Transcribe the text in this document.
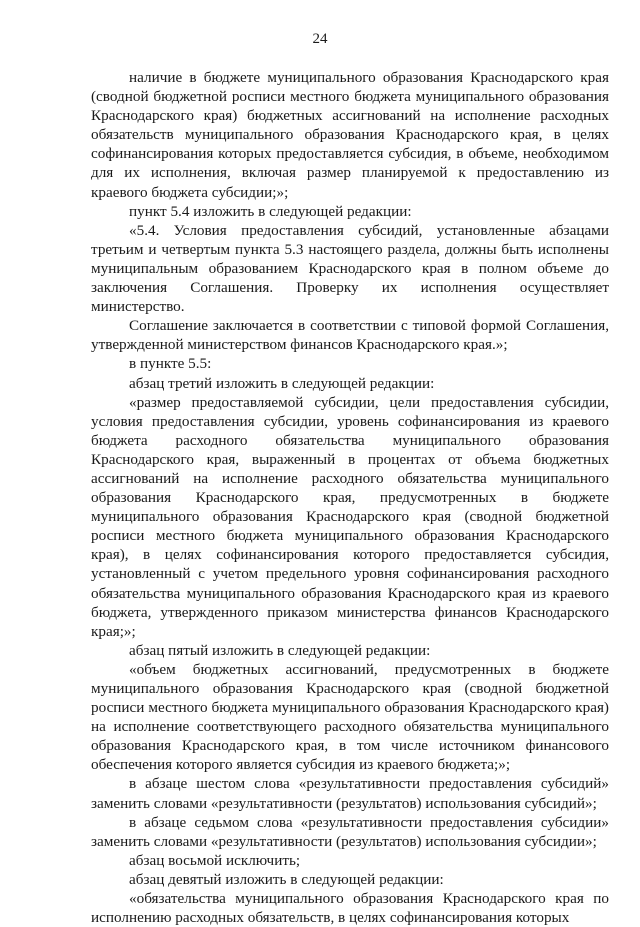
24

наличие в бюджете муниципального образования Краснодарского края (сводной бюджетной росписи местного бюджета муниципального образования Краснодарского края) бюджетных ассигнований на исполнение расходных обязательств муниципального образования Краснодарского края, в целях софинансирования которых предоставляется субсидия, в объеме, необходимом для их исполнения, включая размер планируемой к предоставлению из краевого бюджета субсидии;»;

пункт 5.4 изложить в следующей редакции:

«5.4. Условия предоставления субсидий, установленные абзацами третьим и четвертым пункта 5.3 настоящего раздела, должны быть исполнены муниципальным образованием Краснодарского края в полном объеме до заключения Соглашения. Проверку их исполнения осуществляет министерство.

Соглашение заключается в соответствии с типовой формой Соглашения, утвержденной министерством финансов Краснодарского края.»;

в пункте 5.5:

абзац третий изложить в следующей редакции:

«размер предоставляемой субсидии, цели предоставления субсидии, условия предоставления субсидии, уровень софинансирования из краевого бюджета расходного обязательства муниципального образования Краснодарского края, выраженный в процентах от объема бюджетных ассигнований на исполнение расходного обязательства муниципального образования Краснодарского края, предусмотренных в бюджете муниципального образования Краснодарского края (сводной бюджетной росписи местного бюджета муниципального образования Краснодарского края), в целях софинансирования которого предоставляется субсидия, установленный с учетом предельного уровня софинансирования расходного обязательства муниципального образования Краснодарского края из краевого бюджета, утвержденного приказом министерства финансов Краснодарского края;»;

абзац пятый изложить в следующей редакции:

«объем бюджетных ассигнований, предусмотренных в бюджете муниципального образования Краснодарского края (сводной бюджетной росписи местного бюджета муниципального образования Краснодарского края) на исполнение соответствующего расходного обязательства муниципального образования Краснодарского края, в том числе источником финансового обеспечения которого является субсидия из краевого бюджета;»;

в абзаце шестом слова «результативности предоставления субсидий» заменить словами «результативности (результатов) использования субсидий»;

в абзаце седьмом слова «результативности предоставления субсидии» заменить словами «результативности (результатов) использования субсидии»;

абзац восьмой исключить;

абзац девятый изложить в следующей редакции:

«обязательства муниципального образования Краснодарского края по исполнению расходных обязательств, в целях софинансирования которых
